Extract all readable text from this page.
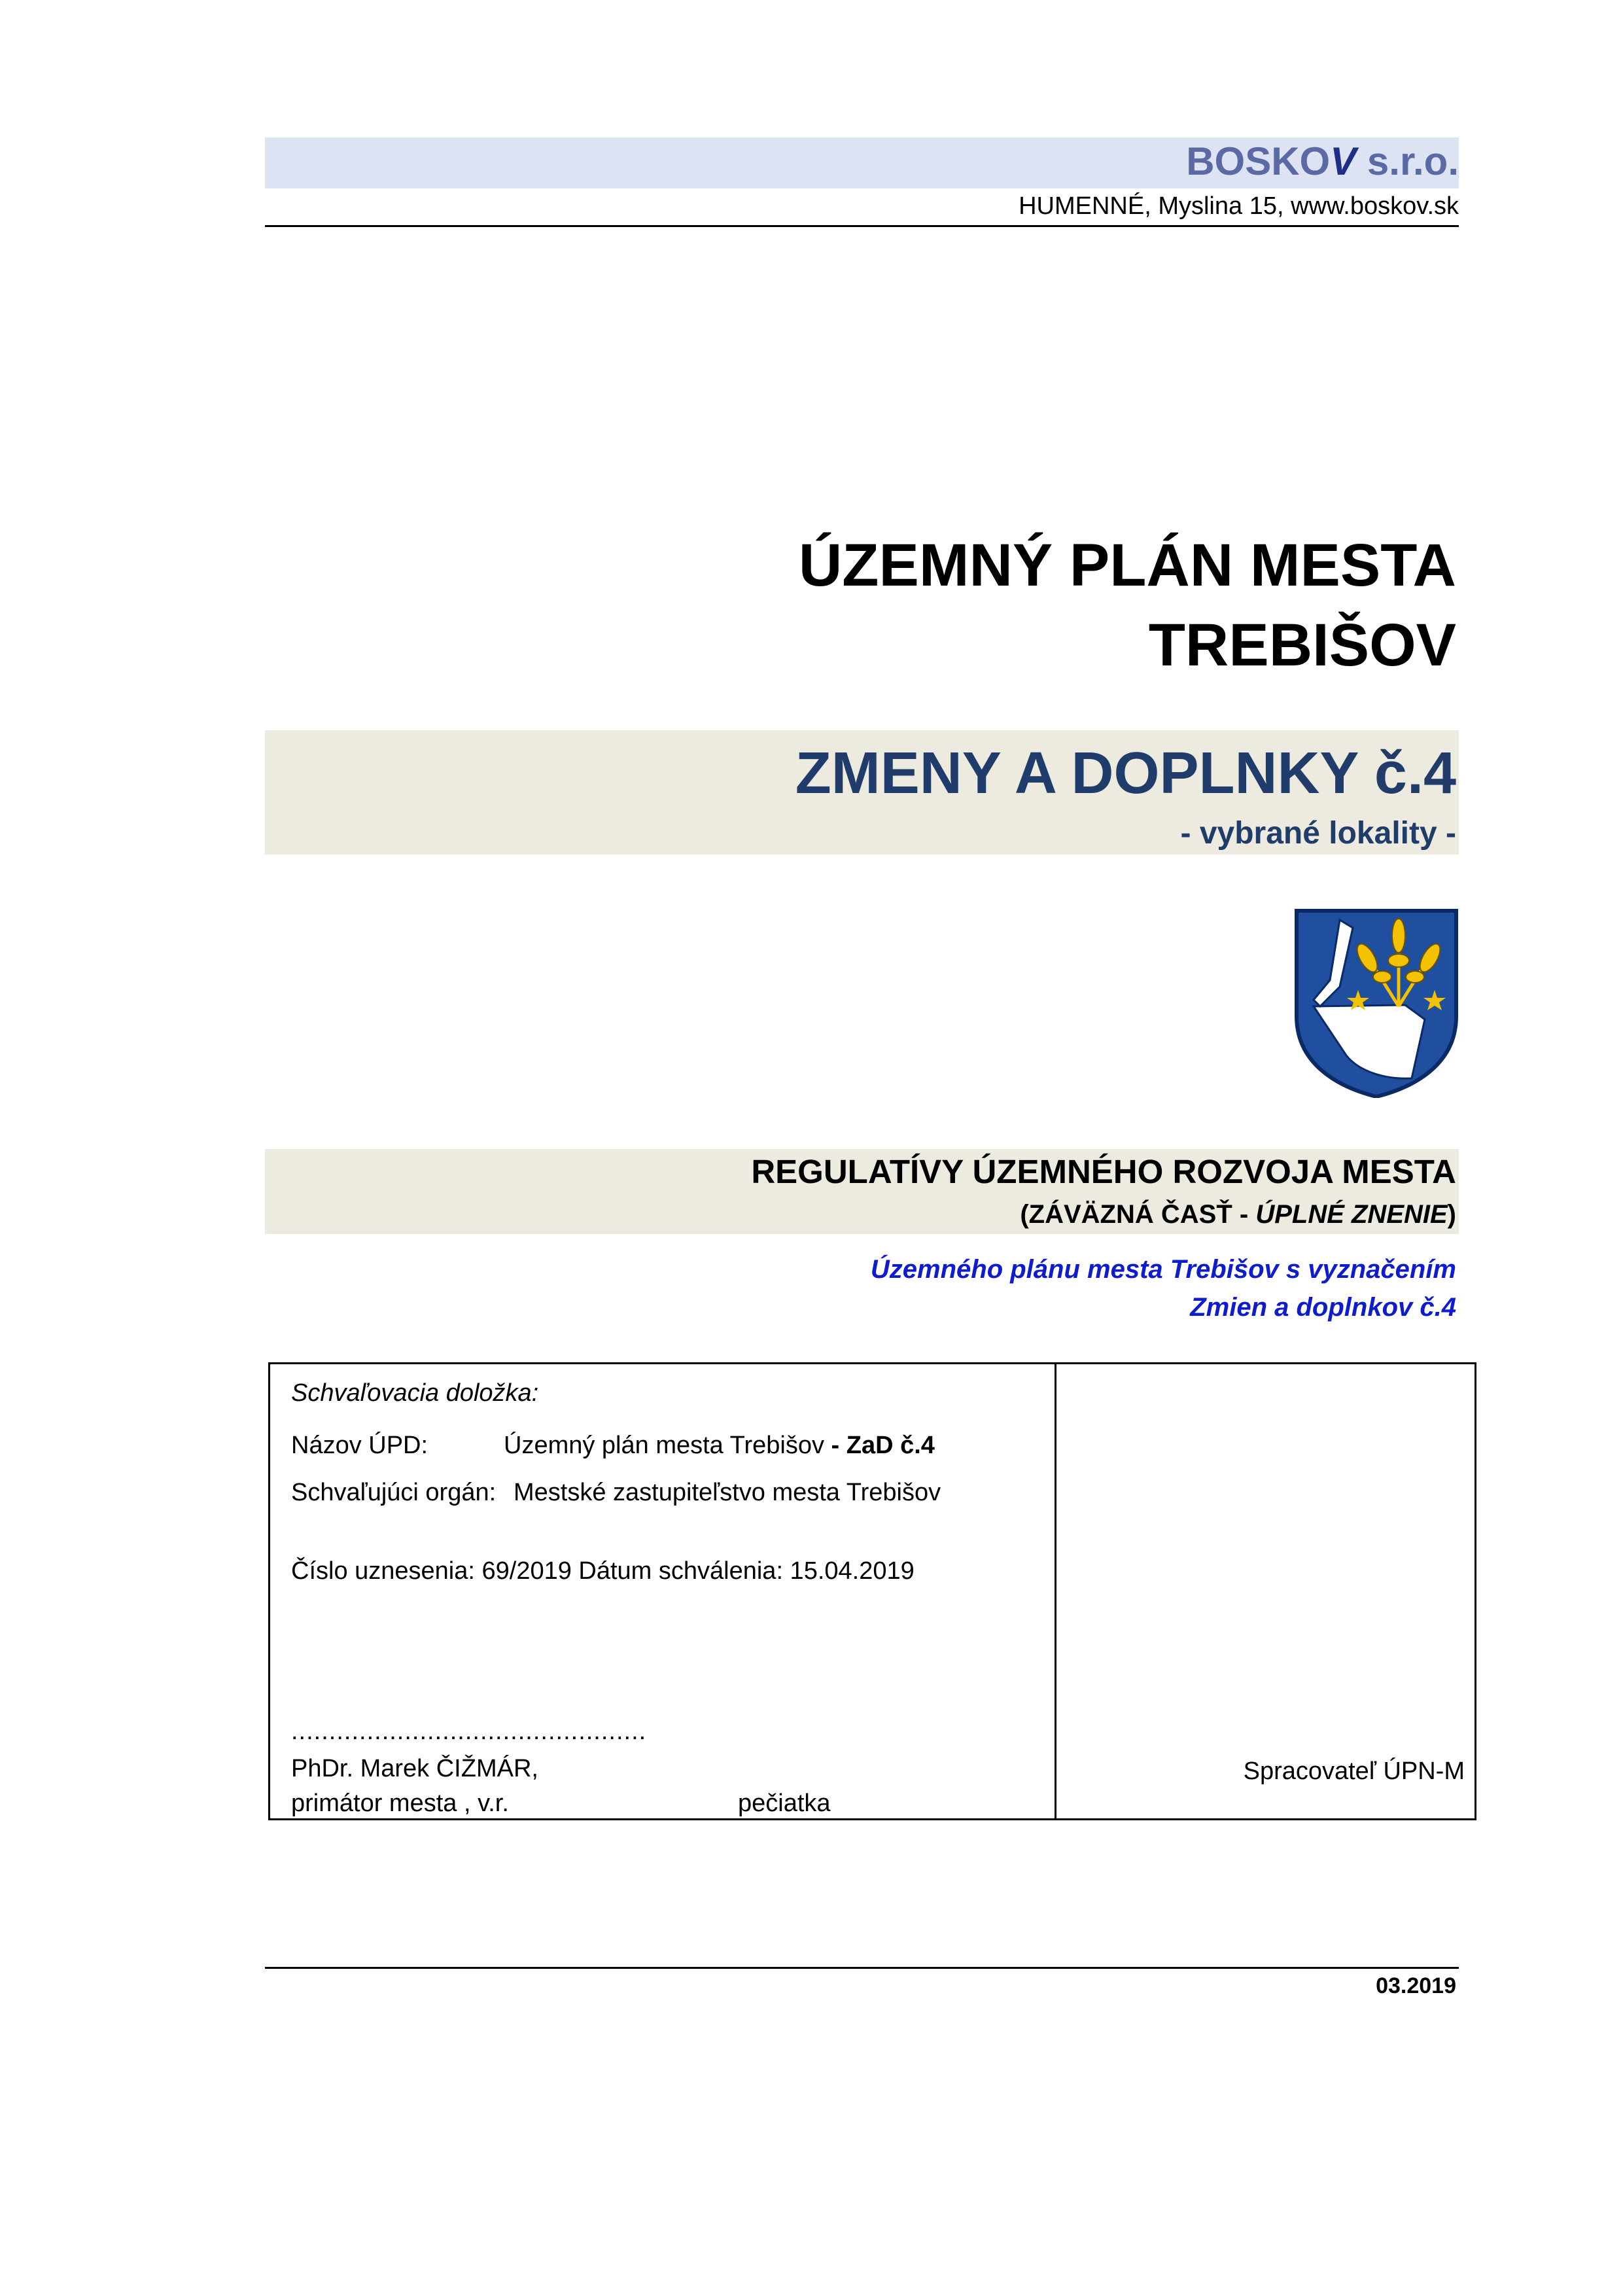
BOSKOV s.r.o.
HUMENNÉ, Myslina 15, www.boskov.sk
ÚZEMNÝ PLÁN MESTA
TREBIŠOV
ZMENY A DOPLNKY č.4
- vybrané lokality -
REGULATÍVY ÚZEMNÉHO ROZVOJA MESTA
(ZÁVÄZNÁ ČASŤ - ÚPLNÉ ZNENIE)
Územného plánu mesta Trebišov s vyznačením
Zmien a doplnkov č.4
Schvaľovacia doložka:
Názov ÚPD:	Územný plán mesta Trebišov - ZaD č.4
Schvaľujúci orgán: Mestské zastupiteľstvo mesta Trebišov
Číslo uznesenia: 69/2019 Dátum schválenia: 15.04.2019
...............................................
PhDr. Marek ČIŽMÁR,
primátor mesta , v.r.	pečiatka
Spracovateľ ÚPN-M
03.2019
